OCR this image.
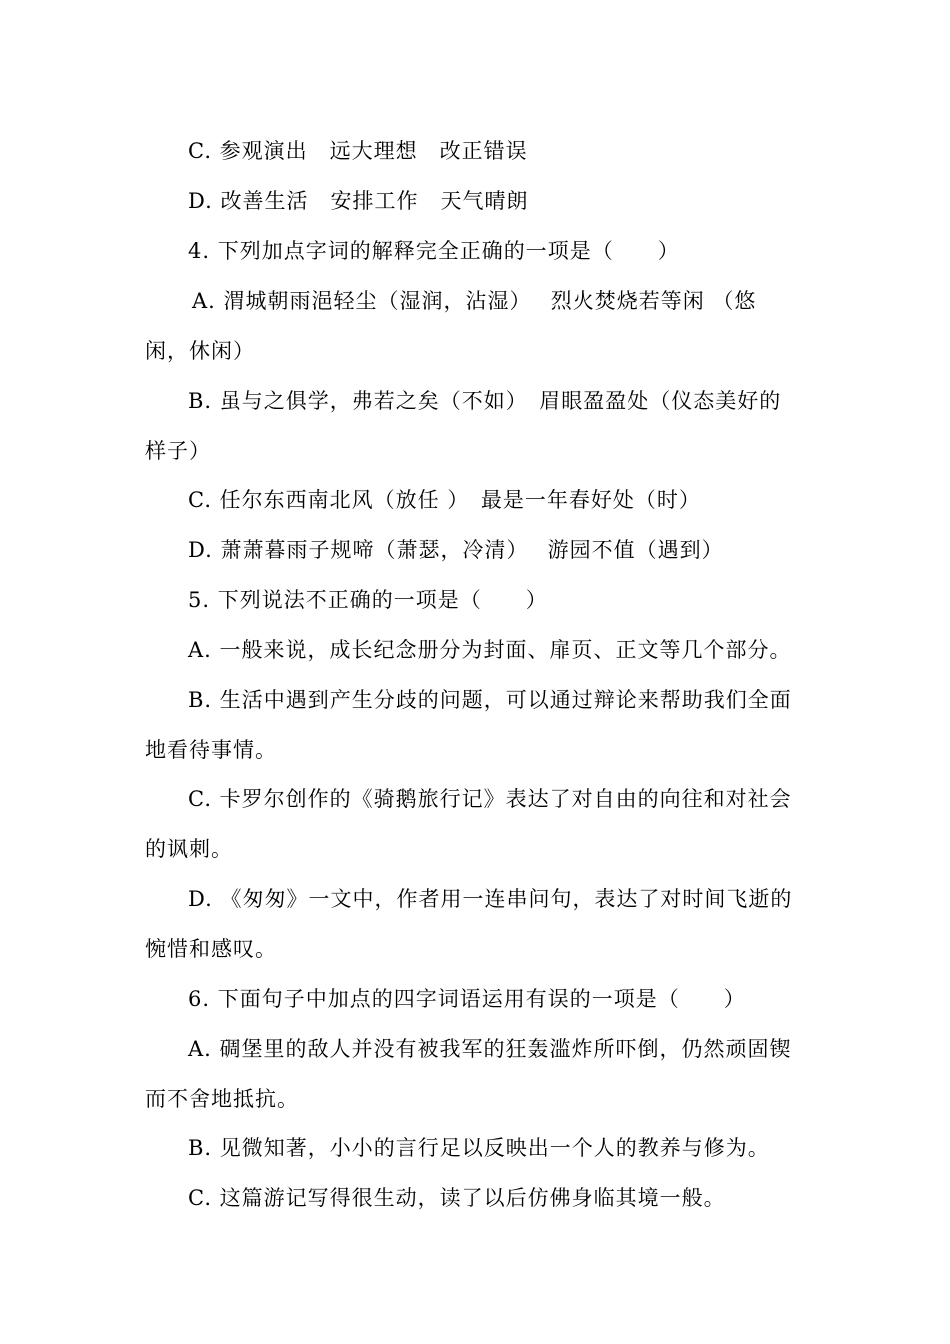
C. 参观演出　远大理想　改正错误
D. 改善生活　安排工作　天气晴朗
4. 下列加点字词的解释完全正确的一项是（　　）
A. 渭城朝雨浥轻尘（湿润，沾湿）　 烈火焚烧若等闲 （悠
闲，休闲）
B. 虽与之俱学，弗若之矣（不如）　眉眼盈盈处（仪态美好的
样子）
C. 任尔东西南北风（放任 ）　最是一年春好处（时）
D. 萧萧暮雨子规啼（萧瑟，冷清）　 游园不值（遇到）
5. 下列说法不正确的一项是（　　）
A. 一般来说，成长纪念册分为封面、扉页、正文等几个部分。
B. 生活中遇到产生分歧的问题，可以通过辩论来帮助我们全面
地看待事情。
C. 卡罗尔创作的《骑鹅旅行记》表达了对自由的向往和对社会
的讽刺。
D. 《匆匆》一文中，作者用一连串问句，表达了对时间飞逝的
惋惜和感叹。
6. 下面句子中加点的四字词语运用有误的一项是（　　）
A. 碉堡里的敌人并没有被我军的狂轰滥炸所吓倒，仍然顽固锲
而不舍地抵抗。
B. 见微知著，小小的言行足以反映出一个人的教养与修为。
C. 这篇游记写得很生动，读了以后仿佛身临其境一般。
